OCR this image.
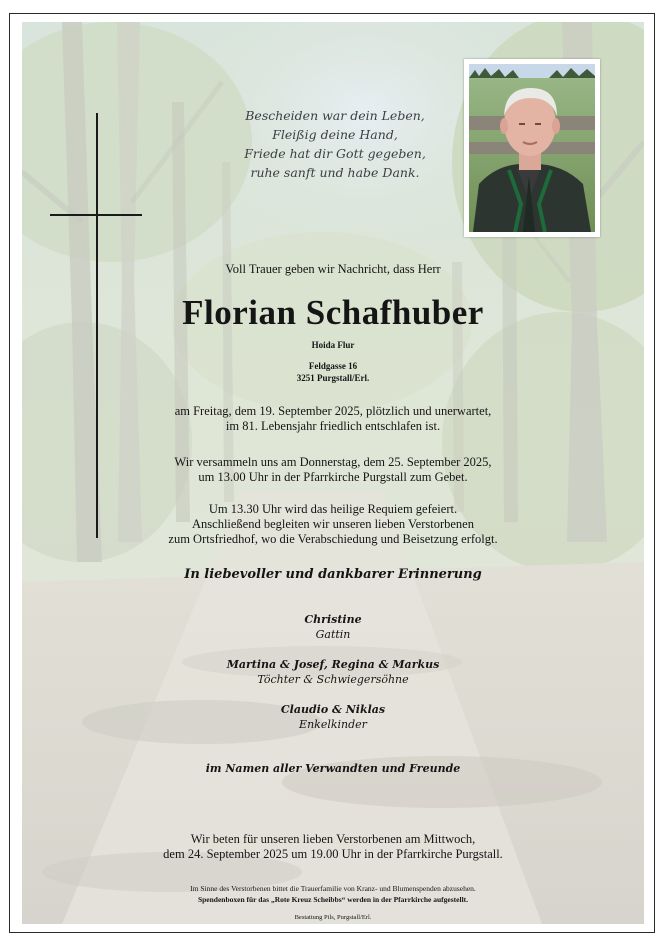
Bescheiden war dein Leben,
Fleißig deine Hand,
Friede hat dir Gott gegeben,
ruhe sanft und habe Dank.
Voll Trauer geben wir Nachricht, dass Herr
Florian Schafhuber
Hoida Flur
Feldgasse 16
3251 Purgstall/Erl.
am Freitag, dem 19. September 2025, plötzlich und unerwartet,
im 81. Lebensjahr friedlich entschlafen ist.
Wir versammeln uns am Donnerstag, dem 25. September 2025,
um 13.00 Uhr in der Pfarrkirche Purgstall zum Gebet.
Um 13.30 Uhr wird das heilige Requiem gefeiert.
Anschließend begleiten wir unseren lieben Verstorbenen
zum Ortsfriedhof, wo die Verabschiedung und Beisetzung erfolgt.
In liebevoller und dankbarer Erinnerung
Christine
Gattin
Martina & Josef, Regina & Markus
Töchter & Schwiegersöhne
Claudio & Niklas
Enkelkinder
im Namen aller Verwandten und Freunde
Wir beten für unseren lieben Verstorbenen am Mittwoch,
dem 24. September 2025 um 19.00 Uhr in der Pfarrkirche Purgstall.
Im Sinne des Verstorbenen bittet die Trauerfamilie von Kranz- und Blumenspenden abzusehen.
Spendenboxen für das „Rote Kreuz Scheibbs“ werden in der Pfarrkirche aufgestellt.
Bestattung Pils, Purgstall/Erl.
